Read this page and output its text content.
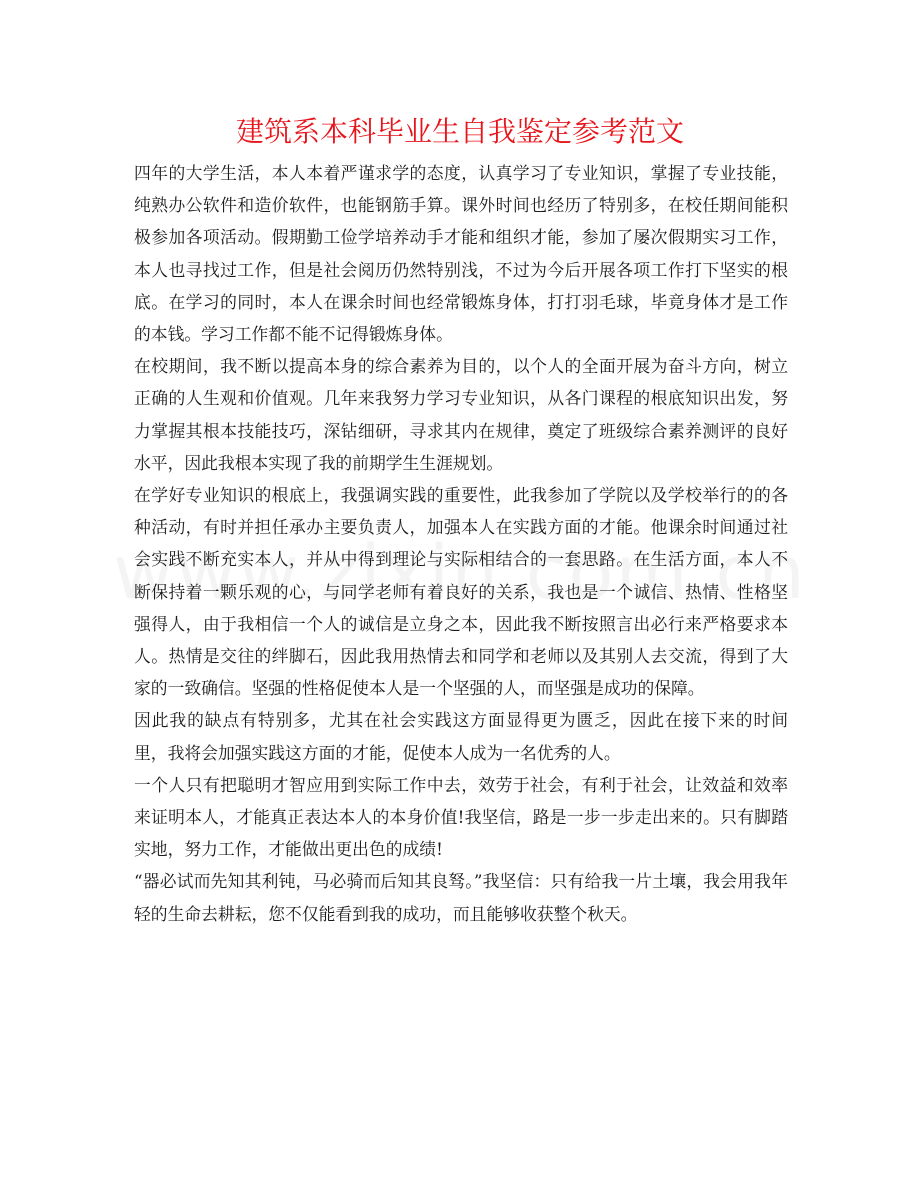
建筑系本科毕业生自我鉴定参考范文

四年的大学生活，本人本着严谨求学的态度，认真学习了专业知识，掌握了专业技能，纯熟办公软件和造价软件，也能钢筋手算。课外时间也经历了特别多，在校任期间能积极参加各项活动。假期勤工俭学培养动手才能和组织才能，参加了屡次假期实习工作，本人也寻找过工作，但是社会阅历仍然特别浅，不过为今后开展各项工作打下坚实的根底。在学习的同时，本人在课余时间也经常锻炼身体，打打羽毛球，毕竟身体才是工作的本钱。学习工作都不能不记得锻炼身体。

在校期间，我不断以提高本身的综合素养为目的，以个人的全面开展为奋斗方向，树立正确的人生观和价值观。几年来我努力学习专业知识，从各门课程的根底知识出发，努力掌握其根本技能技巧，深钻细研，寻求其内在规律，奠定了班级综合素养测评的良好水平，因此我根本实现了我的前期学生生涯规划。

在学好专业知识的根底上，我强调实践的重要性，此我参加了学院以及学校举行的的各种活动，有时并担任承办主要负责人，加强本人在实践方面的才能。他课余时间通过社会实践不断充实本人，并从中得到理论与实际相结合的一套思路。在生活方面，本人不断保持着一颗乐观的心，与同学老师有着良好的关系，我也是一个诚信、热情、性格坚强得人，由于我相信一个人的诚信是立身之本，因此我不断按照言出必行来严格要求本人。热情是交往的绊脚石，因此我用热情去和同学和老师以及其别人去交流，得到了大家的一致确信。坚强的性格促使本人是一个坚强的人，而坚强是成功的保障。

因此我的缺点有特别多，尤其在社会实践这方面显得更为匮乏，因此在接下来的时间里，我将会加强实践这方面的才能，促使本人成为一名优秀的人。

一个人只有把聪明才智应用到实际工作中去，效劳于社会，有利于社会，让效益和效率来证明本人，才能真正表达本人的本身价值!我坚信，路是一步一步走出来的。只有脚踏实地，努力工作，才能做出更出色的成绩!

“器必试而先知其利钝，马必骑而后知其良驽。”我坚信：只有给我一片土壤，我会用我年轻的生命去耕耘，您不仅能看到我的成功，而且能够收获整个秋天。
